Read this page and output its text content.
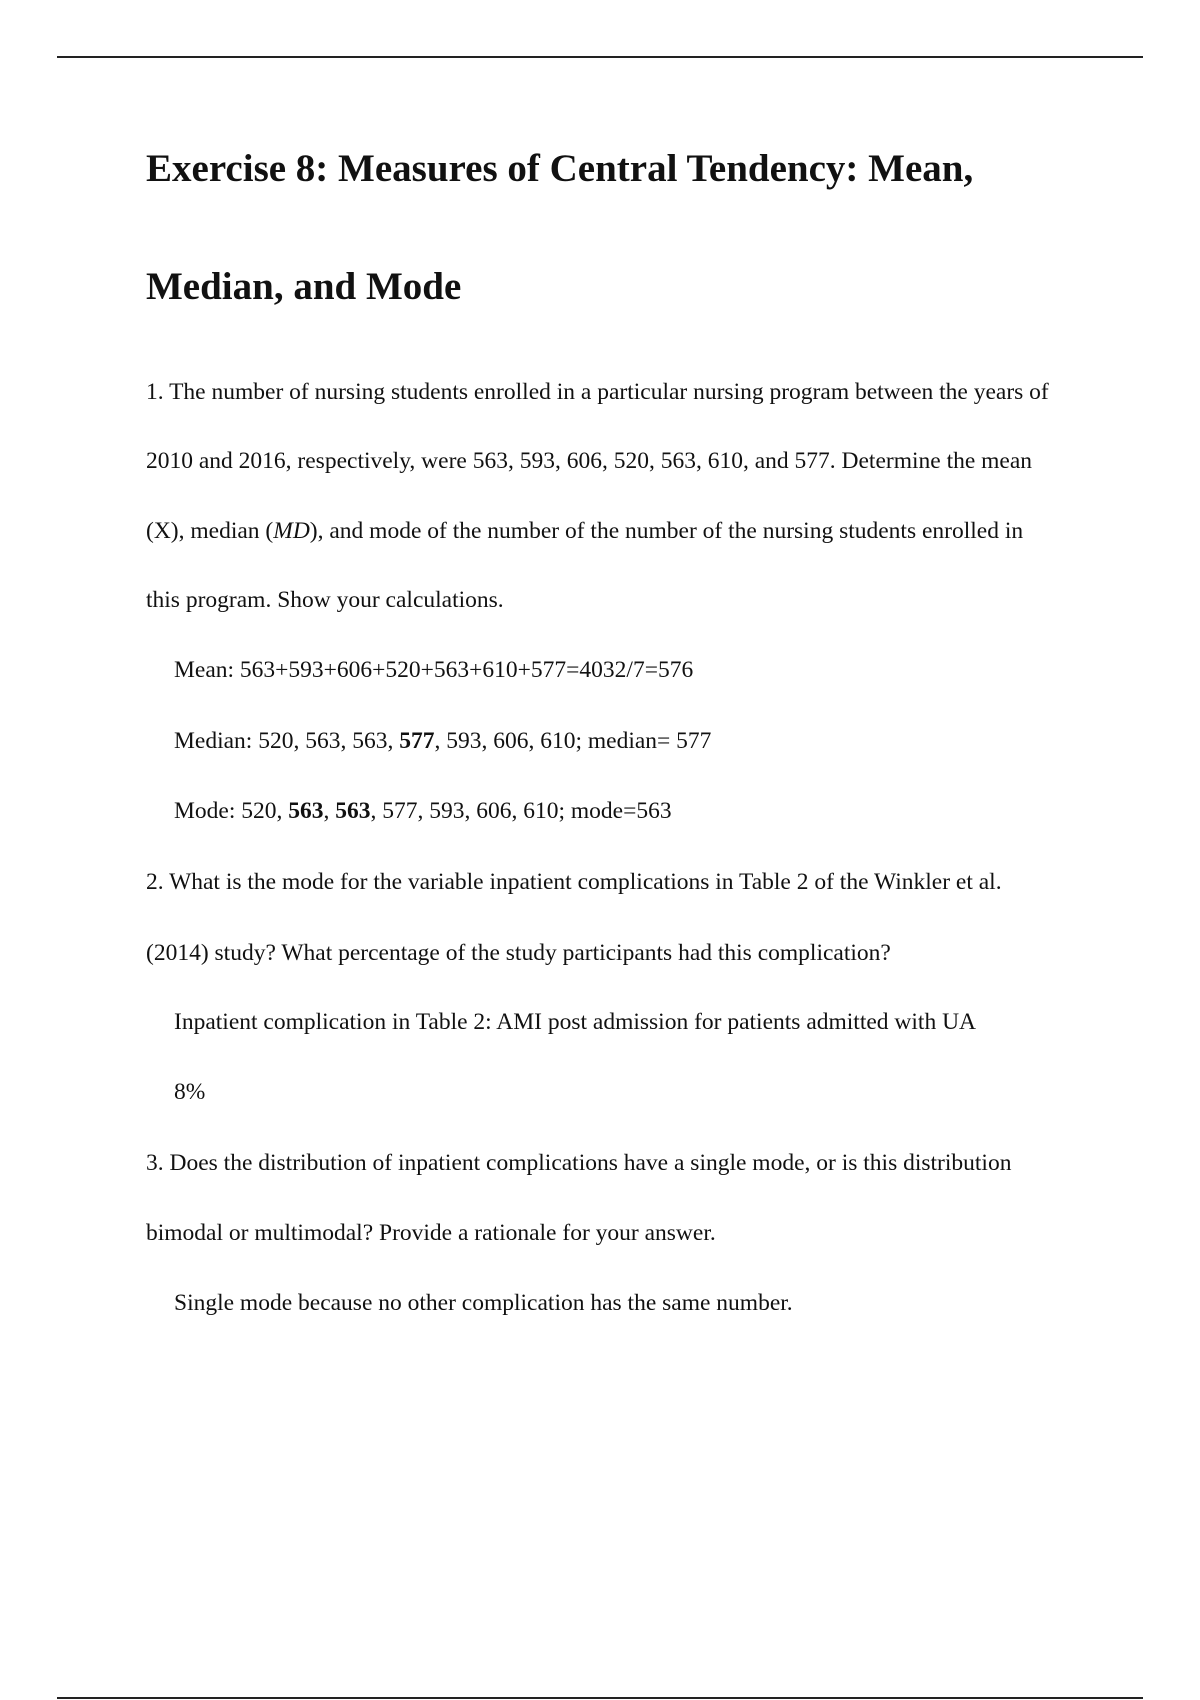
Exercise 8: Measures of Central Tendency: Mean,
Median, and Mode
1. The number of nursing students enrolled in a particular nursing program between the years of
2010 and 2016, respectively, were 563, 593, 606, 520, 563, 610, and 577. Determine the mean
(X), median (MD), and mode of the number of the number of the nursing students enrolled in
this program. Show your calculations.
Mean: 563+593+606+520+563+610+577=4032/7=576
Median: 520, 563, 563, 577, 593, 606, 610; median= 577
Mode: 520, 563, 563, 577, 593, 606, 610; mode=563
2. What is the mode for the variable inpatient complications in Table 2 of the Winkler et al.
(2014) study? What percentage of the study participants had this complication?
Inpatient complication in Table 2: AMI post admission for patients admitted with UA
8%
3. Does the distribution of inpatient complications have a single mode, or is this distribution
bimodal or multimodal? Provide a rationale for your answer.
Single mode because no other complication has the same number.
